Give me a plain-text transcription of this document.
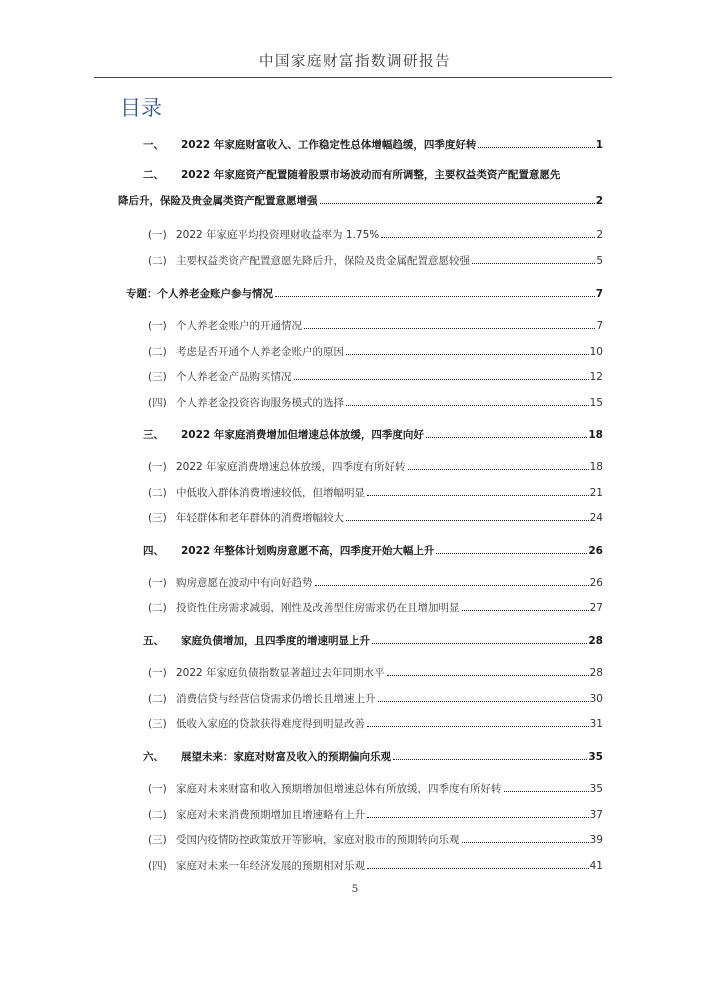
中国家庭财富指数调研报告
目录
一、	2022 年家庭财富收入、工作稳定性总体增幅趋缓，四季度好转	1
二、	2022 年家庭资产配置随着股票市场波动而有所调整，主要权益类资产配置意愿先
降后升，保险及贵金属类资产配置意愿增强	2
(一) 2022 年家庭平均投资理财收益率为 1.75%	2
(二) 主要权益类资产配置意愿先降后升，保险及贵金属配置意愿较强	5
专题：个人养老金账户参与情况	7
(一) 个人养老金账户的开通情况	7
(二) 考虑是否开通个人养老金账户的原因	10
(三) 个人养老金产品购买情况	12
(四) 个人养老金投资咨询服务模式的选择	15
三、	2022 年家庭消费增加但增速总体放缓，四季度向好	18
(一) 2022 年家庭消费增速总体放缓，四季度有所好转	18
(二) 中低收入群体消费增速较低，但增幅明显	21
(三) 年轻群体和老年群体的消费增幅较大	24
四、	2022 年整体计划购房意愿不高，四季度开始大幅上升	26
(一) 购房意愿在波动中有向好趋势	26
(二) 投资性住房需求减弱，刚性及改善型住房需求仍在且增加明显	27
五、	家庭负债增加，且四季度的增速明显上升	28
(一) 2022 年家庭负债指数显著超过去年同期水平	28
(二) 消费信贷与经营信贷需求仍增长且增速上升	30
(三) 低收入家庭的贷款获得难度得到明显改善	31
六、	展望未来：家庭对财富及收入的预期偏向乐观	35
(一) 家庭对未来财富和收入预期增加但增速总体有所放缓，四季度有所好转	35
(二) 家庭对未来消费预期增加且增速略有上升	37
(三) 受国内疫情防控政策放开等影响，家庭对股市的预期转向乐观	39
(四) 家庭对未来一年经济发展的预期相对乐观	41
5
